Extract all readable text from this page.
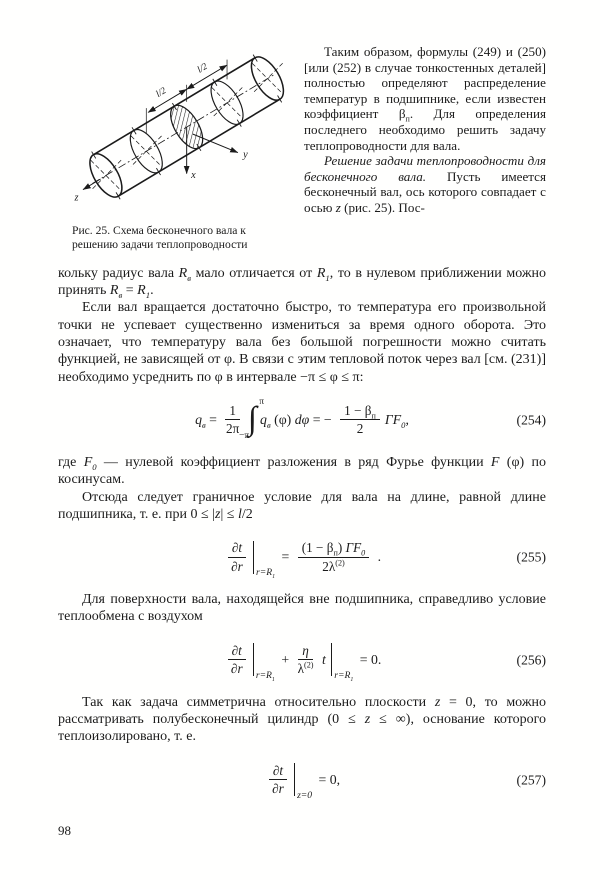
l/2
l/2
x
y
z
Рис. 25. Схема бесконечного вала к решению задачи теплопроводности

Таким образом, формулы (249) и (250) [или (252) в случае тонкостенных деталей] полностью определяют распределение температур в подшипнике, если известен коэффициент $\beta_п$. Для определения последнего необходимо решить задачу теплопроводности для вала.

Решение задачи теплопроводности для бесконечного вала. Пусть имеется бесконечный вал, ось которого совпадает с осью z (рис. 25). Пос-

кольку радиус вала $R_в$ мало отличается от $R_1$, то в нулевом приближении можно принять $R_в = R_1$.

Если вал вращается достаточно быстро, то температура его произвольной точки не успевает существенно измениться за время одного оборота. Это означает, что температуру вала без большой погрешности можно считать функцией, не зависящей от φ. В связи с этим тепловой поток через вал [см. (231)] необходимо усреднить по φ в интервале −π ≤ φ ≤ π:

$q_в = \frac{1}{2\pi}$
π
∫
−π
$q_в$ (φ) dφ = − $\frac{1 - \beta_п}{2} \Gamma F_0$,	(254)

где $F_0$ — нулевой коэффициент разложения в ряд Фурье функции F (φ) по косинусам.

Отсюда следует граничное условие для вала на длине, равной длине подшипника, т. е. при 0 ≤ |z| ≤ l/2

$\frac{\partial t}{\partial r} r=R_1$
= $\frac{(1 - \beta_п) \Gamma F_0}{2\lambda^{(2)}}$ .	(255)

Для поверхности вала, находящейся вне подшипника, справедливо условие теплообмена с воздухом

$\frac{\partial t}{\partial r} r=R_1$
+ $\frac{\eta}{\lambda^{(2)}}$ t
$r=R_1$
= 0.	(256)

Так как задача симметрична относительно плоскости z = 0, то можно рассматривать полубесконечный цилиндр (0 ≤ z ≤ ∞), основание которого теплоизолировано, т. е.

$\frac{\partial t}{\partial r} z=0$
= 0,	(257)
98
